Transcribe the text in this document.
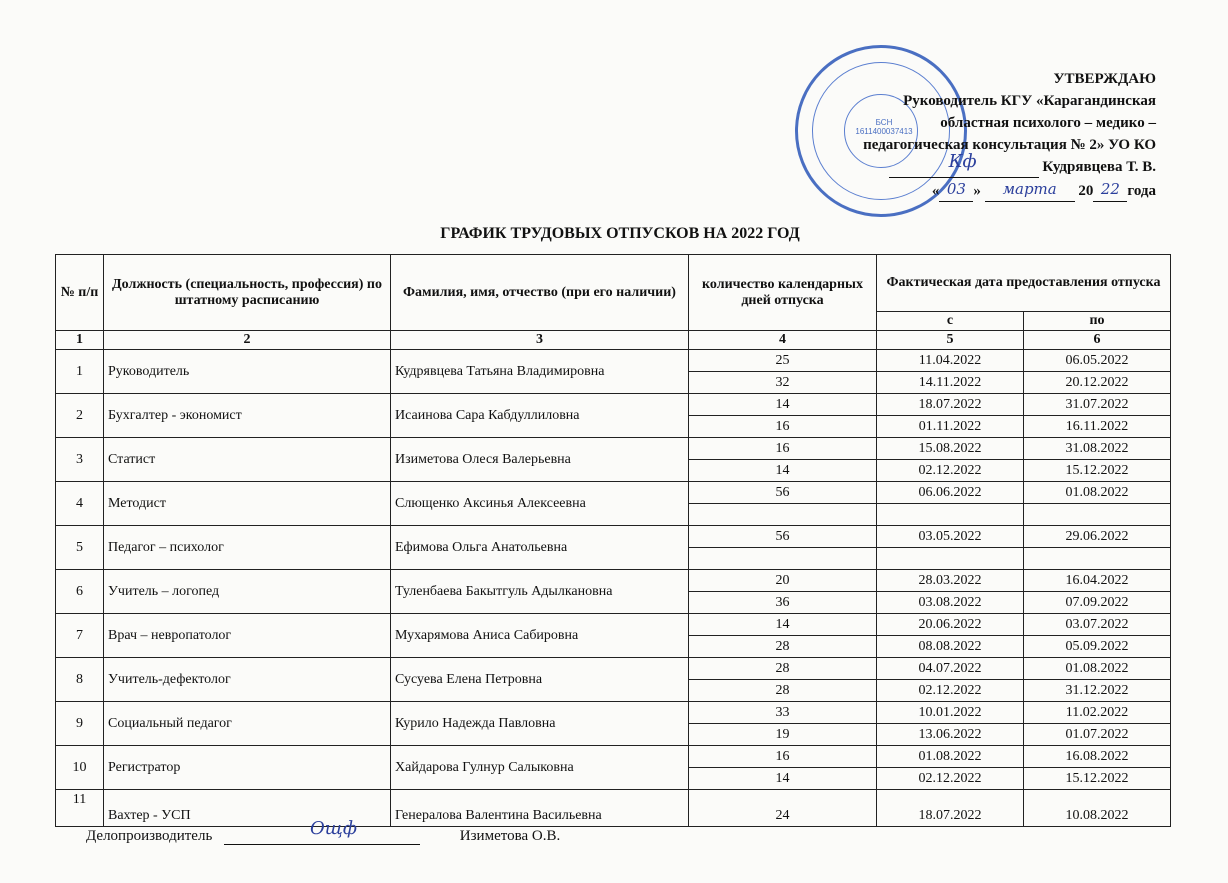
БСН 1611400037413
УТВЕРЖДАЮ
Руководитель КГУ «Карагандинская
областная психолого – медико –
педагогическая консультация № 2» УО КО
Кф	Кудрявцева Т. В.
« 03 » марта 20 22 года
ГРАФИК ТРУДОВЫХ ОТПУСКОВ НА 2022 ГОД
№ п/п	Должность (специальность, профессия) по штатному расписанию	Фамилия, имя, отчество (при его наличии)	количество календарных дней отпуска	Фактическая дата предоставления отпуска	
				с	по
1	2	3	4	5	6
1	Руководитель	Кудрявцева Татьяна Владимировна	25	11.04.2022	06.05.2022
			32	14.11.2022	20.12.2022
2	Бухгалтер - экономист	Исаинова Сара Кабдуллиловна	14	18.07.2022	31.07.2022
			16	01.11.2022	16.11.2022
3	Статист	Изиметова Олеся Валерьевна	16	15.08.2022	31.08.2022
			14	02.12.2022	15.12.2022
4	Методист	Слющенко Аксинья Алексеевна	56	06.06.2022	01.08.2022

5	Педагог – психолог	Ефимова Ольга Анатольевна	56	03.05.2022	29.06.2022

6	Учитель – логопед	Туленбаева Бакытгуль Адылкановна	20	28.03.2022	16.04.2022
			36	03.08.2022	07.09.2022
7	Врач – невропатолог	Мухарямова Аниса Сабировна	14	20.06.2022	03.07.2022
			28	08.08.2022	05.09.2022
8	Учитель-дефектолог	Сусуева Елена Петровна	28	04.07.2022	01.08.2022
			28	02.12.2022	31.12.2022
9	Социальный педагог	Курило Надежда Павловна	33	10.01.2022	11.02.2022
			19	13.06.2022	01.07.2022
10	Регистратор	Хайдарова Гулнур Салыковна	16	01.08.2022	16.08.2022
			14	02.12.2022	15.12.2022
11	Вахтер - УСП	Генералова Валентина Васильевна	24	18.07.2022	10.08.2022
Делопроизводитель	Ощф	Изиметова О.В.
